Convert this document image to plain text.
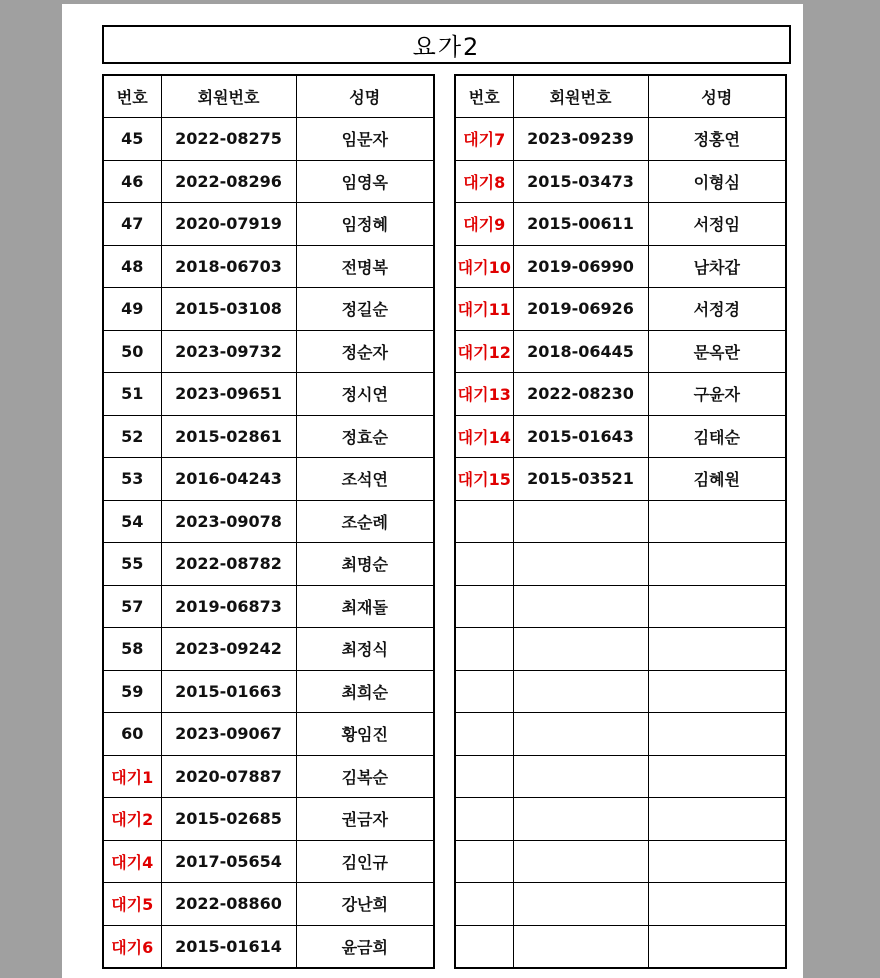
요가2
번호	회원번호	성명
45	2022-08275	임문자
46	2022-08296	임영옥
47	2020-07919	임정혜
48	2018-06703	전명복
49	2015-03108	정길순
50	2023-09732	정순자
51	2023-09651	정시연
52	2015-02861	정효순
53	2016-04243	조석연
54	2023-09078	조순례
55	2022-08782	최명순
57	2019-06873	최재돌
58	2023-09242	최정식
59	2015-01663	최희순
60	2023-09067	황임진
대기1	2020-07887	김복순
대기2	2015-02685	권금자
대기4	2017-05654	김인규
대기5	2022-08860	강난희
대기6	2015-01614	윤금희
번호	회원번호	성명
대기7	2023-09239	정홍연
대기8	2015-03473	이형심
대기9	2015-00611	서정임
대기10	2019-06990	남차갑
대기11	2019-06926	서정경
대기12	2018-06445	문옥란
대기13	2022-08230	구윤자
대기14	2015-01643	김태순
대기15	2015-03521	김혜원
